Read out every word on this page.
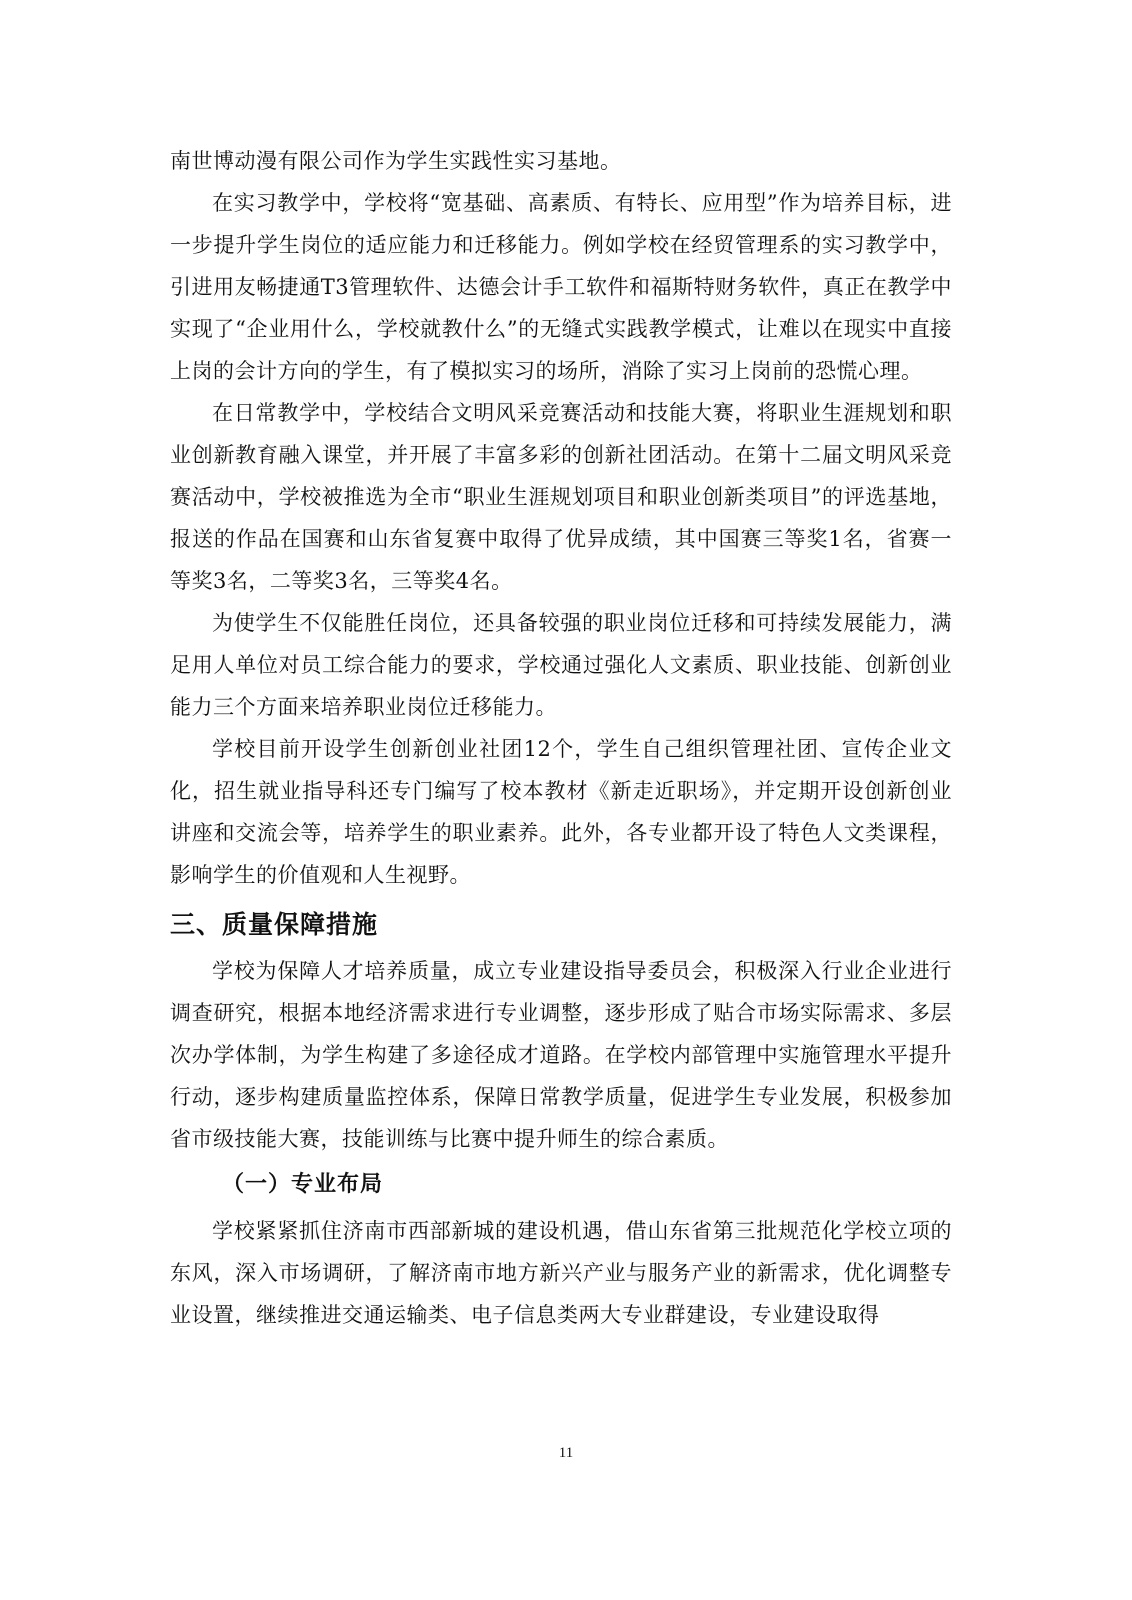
南世博动漫有限公司作为学生实践性实习基地。

在实习教学中，学校将“宽基础、高素质、有特长、应用型”作为培养目标，进一步提升学生岗位的适应能力和迁移能力。例如学校在经贸管理系的实习教学中，引进用友畅捷通T3管理软件、达德会计手工软件和福斯特财务软件，真正在教学中实现了“企业用什么，学校就教什么”的无缝式实践教学模式，让难以在现实中直接上岗的会计方向的学生，有了模拟实习的场所，消除了实习上岗前的恐慌心理。

在日常教学中，学校结合文明风采竞赛活动和技能大赛，将职业生涯规划和职业创新教育融入课堂，并开展了丰富多彩的创新社团活动。在第十二届文明风采竞赛活动中，学校被推选为全市“职业生涯规划项目和职业创新类项目”的评选基地，报送的作品在国赛和山东省复赛中取得了优异成绩，其中国赛三等奖1名，省赛一等奖3名，二等奖3名，三等奖4名。

为使学生不仅能胜任岗位，还具备较强的职业岗位迁移和可持续发展能力，满足用人单位对员工综合能力的要求，学校通过强化人文素质、职业技能、创新创业能力三个方面来培养职业岗位迁移能力。

学校目前开设学生创新创业社团12个，学生自己组织管理社团、宣传企业文化，招生就业指导科还专门编写了校本教材《新走近职场》，并定期开设创新创业讲座和交流会等，培养学生的职业素养。此外，各专业都开设了特色人文类课程，影响学生的价值观和人生视野。

三、质量保障措施

学校为保障人才培养质量，成立专业建设指导委员会，积极深入行业企业进行调查研究，根据本地经济需求进行专业调整，逐步形成了贴合市场实际需求、多层次办学体制，为学生构建了多途径成才道路。在学校内部管理中实施管理水平提升行动，逐步构建质量监控体系，保障日常教学质量，促进学生专业发展，积极参加省市级技能大赛，技能训练与比赛中提升师生的综合素质。

（一）专业布局

学校紧紧抓住济南市西部新城的建设机遇，借山东省第三批规范化学校立项的东风，深入市场调研，了解济南市地方新兴产业与服务产业的新需求，优化调整专业设置，继续推进交通运输类、电子信息类两大专业群建设，专业建设取得

11
